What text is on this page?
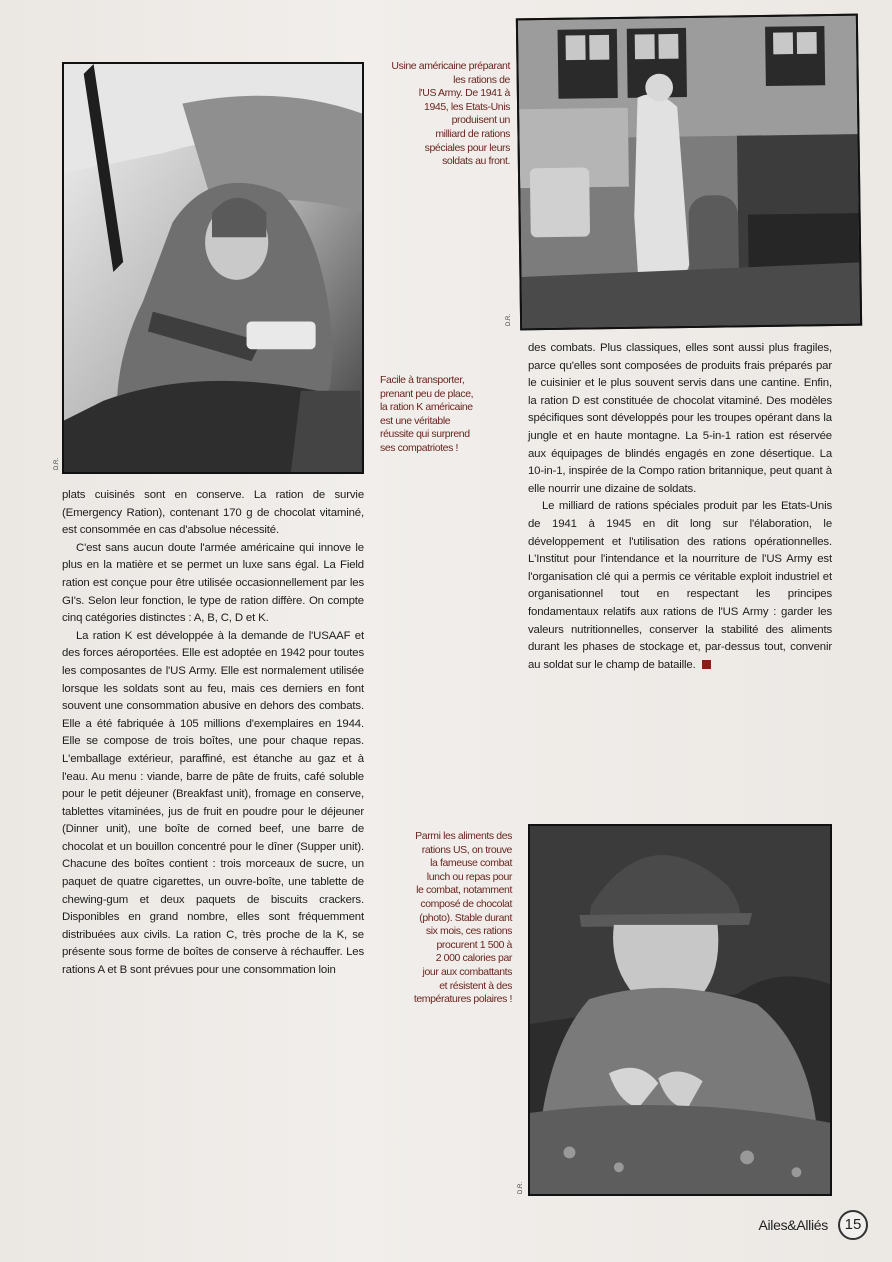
D.R.
D.R.
D.R.
Usine américaine préparant
les rations de
l'US Army. De 1941 à
1945, les Etats-Unis
produisent un
milliard de rations
spéciales pour leurs
soldats au front.
Facile à transporter,
prenant peu de place,
la ration K américaine
est une véritable
réussite qui surprend
ses compatriotes !
Parmi les aliments des
rations US, on trouve
la fameuse combat
lunch ou repas pour
le combat, notamment
composé de chocolat
(photo). Stable durant
six mois, ces rations
procurent 1 500 à
2 000 calories par
jour aux combattants
et résistent à des
températures polaires !

plats cuisinés sont en conserve. La ration de survie (Emergency Ration), contenant 170 g de chocolat vitaminé, est consommée en cas d'absolue nécessité.

C'est sans aucun doute l'armée américaine qui innove le plus en la matière et se permet un luxe sans égal. La Field ration est conçue pour être utilisée occasionnellement par les GI's. Selon leur fonction, le type de ration diffère. On compte cinq catégories distinctes : A, B, C, D et K.

La ration K est développée à la demande de l'USAAF et des forces aéroportées. Elle est adoptée en 1942 pour toutes les composantes de l'US Army. Elle est normalement utilisée lorsque les soldats sont au feu, mais ces derniers en font souvent une consommation abusive en dehors des combats. Elle a été fabriquée à 105 millions d'exemplaires en 1944. Elle se compose de trois boîtes, une pour chaque repas. L'emballage extérieur, paraffiné, est étanche au gaz et à l'eau. Au menu : viande, barre de pâte de fruits, café soluble pour le petit déjeuner (Breakfast unit), fromage en conserve, tablettes vitaminées, jus de fruit en poudre pour le déjeuner (Dinner unit), une boîte de corned beef, une barre de chocolat et un bouillon concentré pour le dîner (Supper unit). Chacune des boîtes contient : trois morceaux de sucre, un paquet de quatre cigarettes, un ouvre-boîte, une tablette de chewing-gum et deux paquets de biscuits crackers. Disponibles en grand nombre, elles sont fréquemment distribuées aux civils. La ration C, très proche de la K, se présente sous forme de boîtes de conserve à réchauffer. Les rations A et B sont prévues pour une consommation loin

des combats. Plus classiques, elles sont aussi plus fragiles, parce qu'elles sont composées de produits frais préparés par le cuisinier et le plus souvent servis dans une cantine. Enfin, la ration D est constituée de chocolat vitaminé. Des modèles spécifiques sont développés pour les troupes opérant dans la jungle et en haute montagne. La 5-in-1 ration est réservée aux équipages de blindés engagés en zone désertique. La 10-in-1, inspirée de la Compo ration britannique, peut quant à elle nourrir une dizaine de soldats.

Le milliard de rations spéciales produit par les Etats-Unis de 1941 à 1945 en dit long sur l'élaboration, le développement et l'utilisation des rations opérationnelles. L'Institut pour l'intendance et la nourriture de l'US Army est l'organisation clé qui a permis ce véritable exploit industriel et organisationnel tout en respectant les principes fondamentaux relatifs aux rations de l'US Army : garder les valeurs nutritionnelles, conserver la stabilité des aliments durant les phases de stockage et, par-dessus tout, convenir au soldat sur le champ de bataille.

Ailes&Alliés	15
